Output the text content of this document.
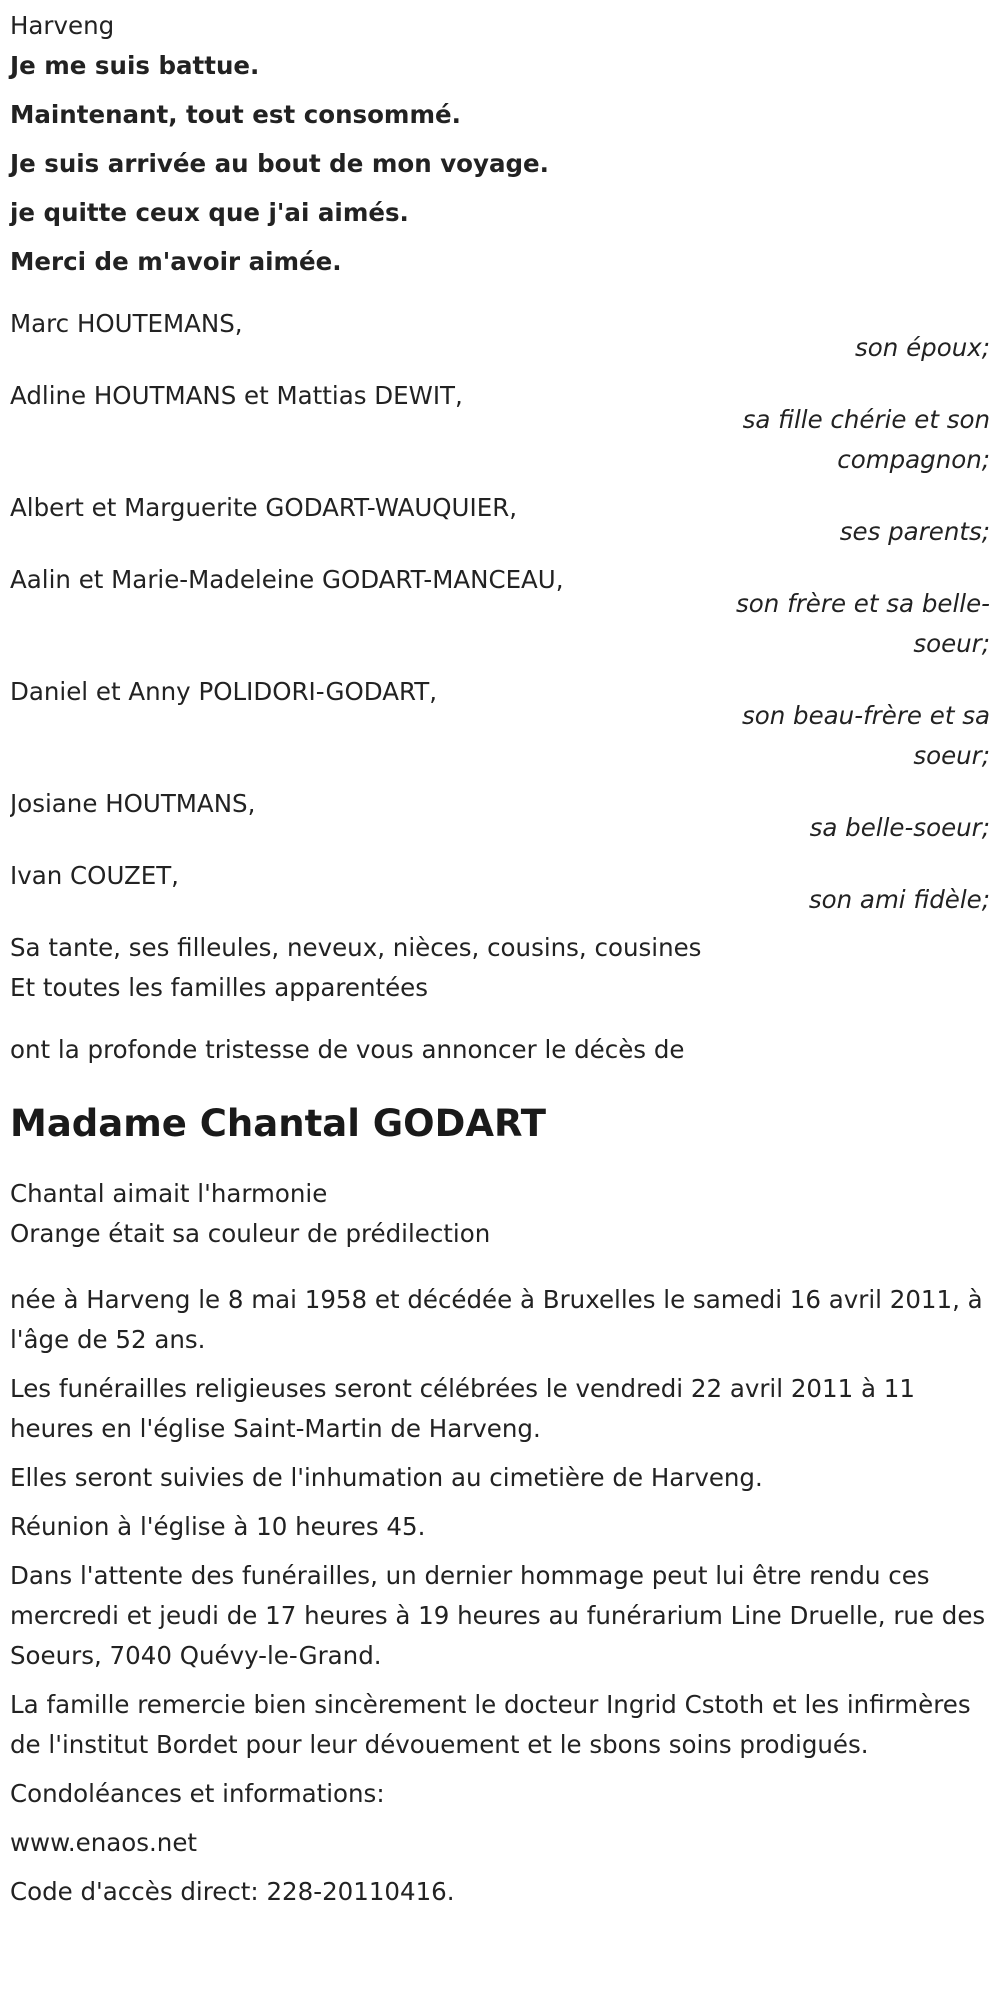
Harveng

Je me suis battue.

Maintenant, tout est consommé.

Je suis arrivée au bout de mon voyage.

je quitte ceux que j'ai aimés.

Merci de m'avoir aimée.

Marc HOUTEMANS,
son époux;
Adline HOUTMANS et Mattias DEWIT,
sa fille chérie et son compagnon;
Albert et Marguerite GODART-WAUQUIER,
ses parents;
Aalin et Marie-Madeleine GODART-MANCEAU,
son frère et sa belle-soeur;
Daniel et Anny POLIDORI-GODART,
son beau-frère et sa soeur;
Josiane HOUTMANS,
sa belle-soeur;
Ivan COUZET,
son ami fidèle;

Sa tante, ses filleules, neveux, nièces, cousins, cousines

Et toutes les familles apparentées

ont la profonde tristesse de vous annoncer le décès de

Madame Chantal GODART

Chantal aimait l'harmonie

Orange était sa couleur de prédilection

née à Harveng le 8 mai 1958 et décédée à Bruxelles le samedi 16 avril 2011, à l'âge de 52 ans.

Les funérailles religieuses seront célébrées le vendredi 22 avril 2011 à 11 heures en l'église Saint-Martin de Harveng.

Elles seront suivies de l'inhumation au cimetière de Harveng.

Réunion à l'église à 10 heures 45.

Dans l'attente des funérailles, un dernier hommage peut lui être rendu ces mercredi et jeudi de 17 heures à 19 heures au funérarium Line Druelle, rue des Soeurs, 7040 Quévy-le-Grand.

La famille remercie bien sincèrement le docteur Ingrid Cstoth et les infirmères de l'institut Bordet pour leur dévouement et le sbons soins prodigués.

Condoléances et informations:

www.enaos.net

Code d'accès direct: 228-20110416.
